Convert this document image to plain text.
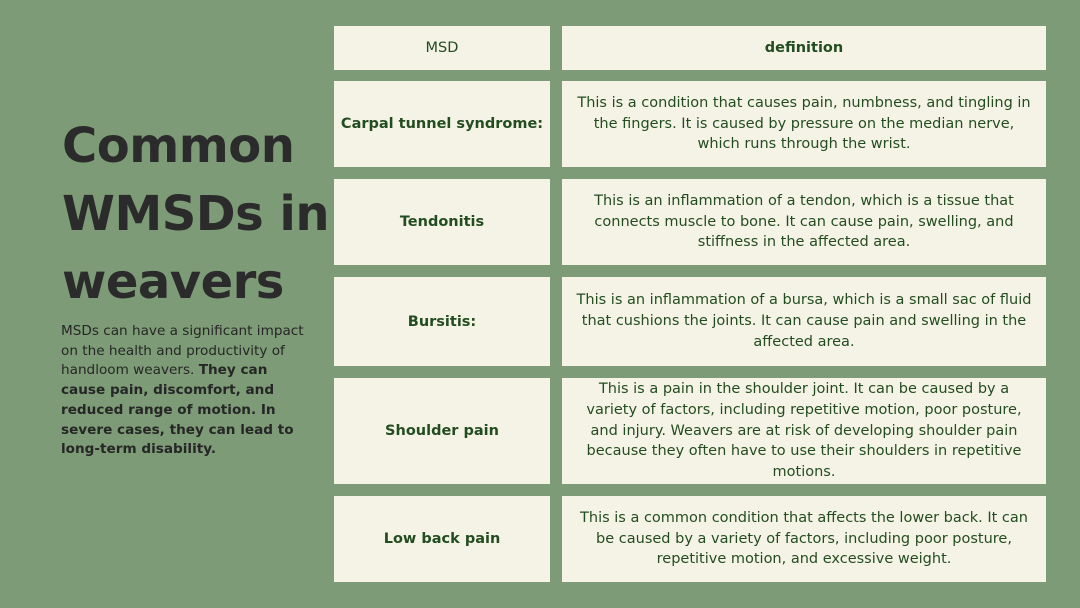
Common
WMSDs in
weavers

MSDs can have a significant impact on the health and productivity of handloom weavers. They can cause pain, discomfort, and reduced range of motion. In severe cases, they can lead to long-term disability.

MSD	definition
Carpal tunnel syndrome:
This is a condition that causes pain, numbness, and tingling in the fingers. It is caused by pressure on the median nerve, which runs through the wrist.
Tendonitis
This is an inflammation of a tendon, which is a tissue that connects muscle to bone. It can cause pain, swelling, and stiffness in the affected area.
Bursitis:
This is an inflammation of a bursa, which is a small sac of fluid that cushions the joints. It can cause pain and swelling in the affected area.
Shoulder pain
This is a pain in the shoulder joint. It can be caused by a variety of factors, including repetitive motion, poor posture, and injury. Weavers are at risk of developing shoulder pain because they often have to use their shoulders in repetitive motions.
Low back pain
This is a common condition that affects the lower back. It can be caused by a variety of factors, including poor posture, repetitive motion, and excessive weight.
